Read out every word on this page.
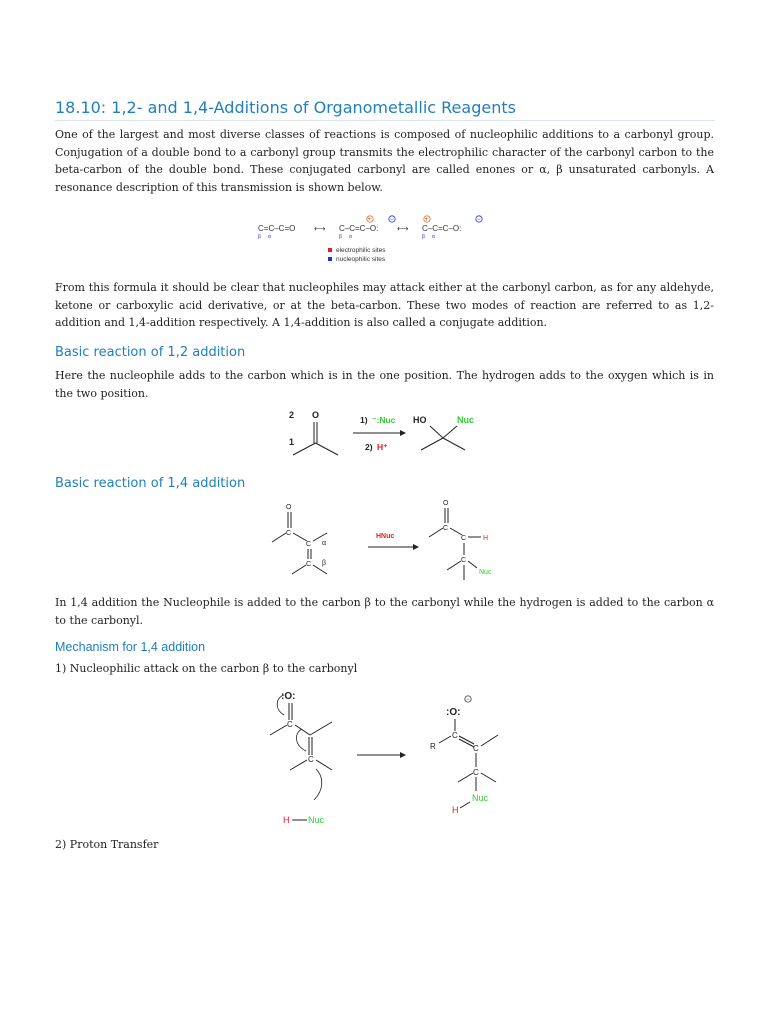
18.10: 1,2- and 1,4-Additions of Organometallic Reagents

One of the largest and most diverse classes of reactions is composed of nucleophilic additions to a carbonyl group. Conjugation of a double bond to a carbonyl group transmits the electrophilic character of the carbonyl carbon to the beta-carbon of the double bond. These conjugated carbonyl are called enones or α, β unsaturated carbonyls. A resonance description of this transmission is shown below.

C=C–C=O
β α
⟷ C–C=C–O:
+	−
β α
⟷ C–C=C–O:
+	−
β α
electrophilic sites
nucleophilic sites

From this formula it should be clear that nucleophiles may attack either at the carbonyl carbon, as for any aldehyde, ketone or carboxylic acid derivative, or at the beta-carbon. These two modes of reaction are referred to as 1,2-addition and 1,4-addition respectively. A 1,4-addition is also called a conjugate addition.

Basic reaction of 1,2 addition

Here the nucleophile adds to the carbon which is in the one position. The hydrogen adds to the oxygen which is in the two position.

2 O
1
1) ⁻:Nuc
2) H⁺
HO	Nuc
Basic reaction of 1,4 addition
O
C
C α
C β
HNuc
O
C
C H
C
Nuc

In 1,4 addition the Nucleophile is added to the carbon β to the carbonyl while the hydrogen is added to the carbon α to the carbonyl.

Mechanism for 1,4 addition

1) Nucleophilic attack on the carbon β to the carbonyl

:O:
C
C
H Nuc
:O:
−
C
R	C
C
Nuc
H

2) Proton Transfer
